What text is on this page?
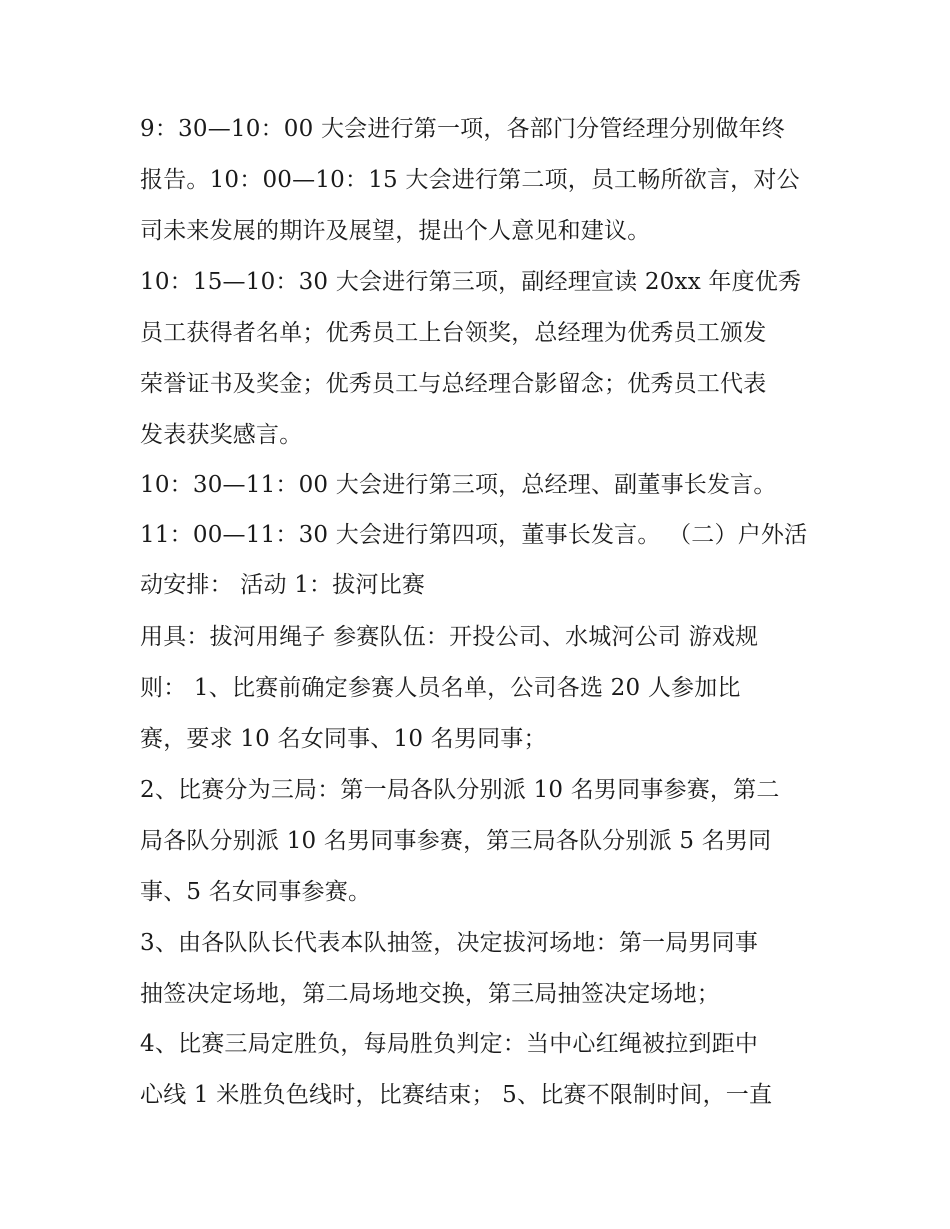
9：30—10：00 大会进行第一项，各部门分管经理分别做年终
报告。10：00—10：15 大会进行第二项，员工畅所欲言，对公
司未来发展的期许及展望，提出个人意见和建议。
10：15—10：30 大会进行第三项，副经理宣读 20xx 年度优秀
员工获得者名单；优秀员工上台领奖，总经理为优秀员工颁发
荣誉证书及奖金；优秀员工与总经理合影留念；优秀员工代表
发表获奖感言。
10：30—11：00 大会进行第三项，总经理、副董事长发言。
11：00—11：30 大会进行第四项，董事长发言。 （二）户外活
动安排： 活动 1：拔河比赛
用具：拔河用绳子 参赛队伍：开投公司、水城河公司 游戏规
则： 1、比赛前确定参赛人员名单，公司各选 20 人参加比
赛，要求 10 名女同事、10 名男同事；
2、比赛分为三局：第一局各队分别派 10 名男同事参赛，第二
局各队分别派 10 名男同事参赛，第三局各队分别派 5 名男同
事、5 名女同事参赛。
3、由各队队长代表本队抽签，决定拔河场地：第一局男同事
抽签决定场地，第二局场地交换，第三局抽签决定场地；
4、比赛三局定胜负，每局胜负判定：当中心红绳被拉到距中
心线 1 米胜负色线时，比赛结束； 5、比赛不限制时间，一直
